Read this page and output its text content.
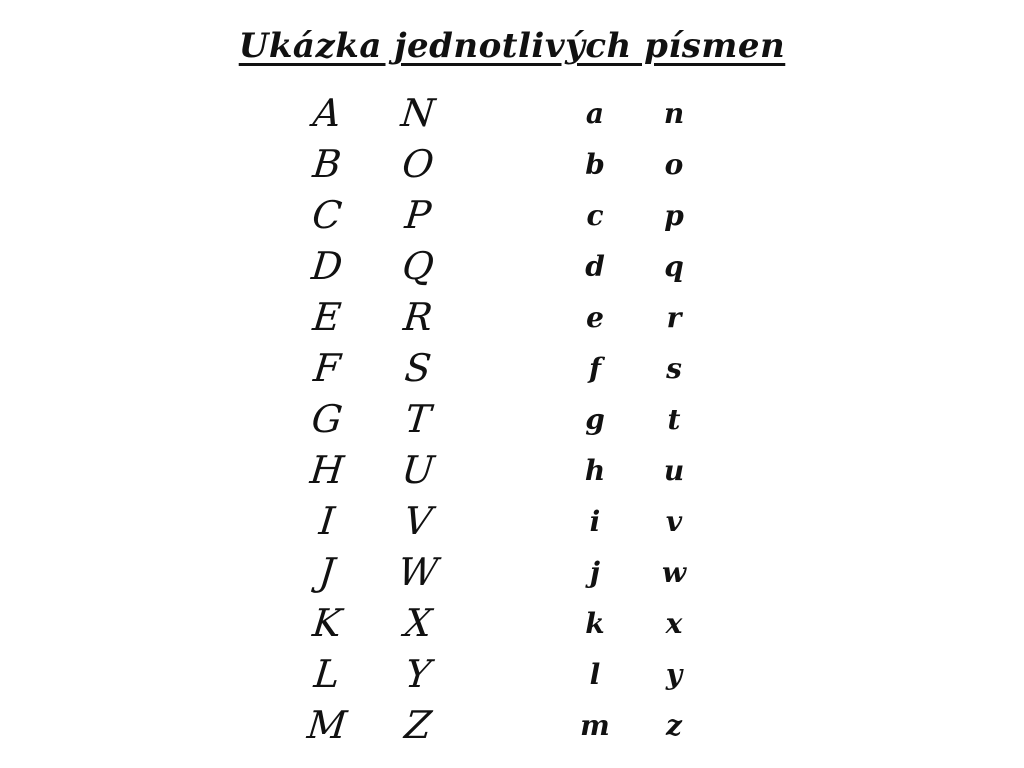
Ukázka jednotlivých písmen
A
B
C
D
E
F
G
H
I
J
K
L
M
N
O
P
Q
R
S
T
U
V
W
X
Y
Z
a
b
c
d
e
f
g
h
i
j
k
l
m
n
o
p
q
r
s
t
u
v
w
x
y
z
